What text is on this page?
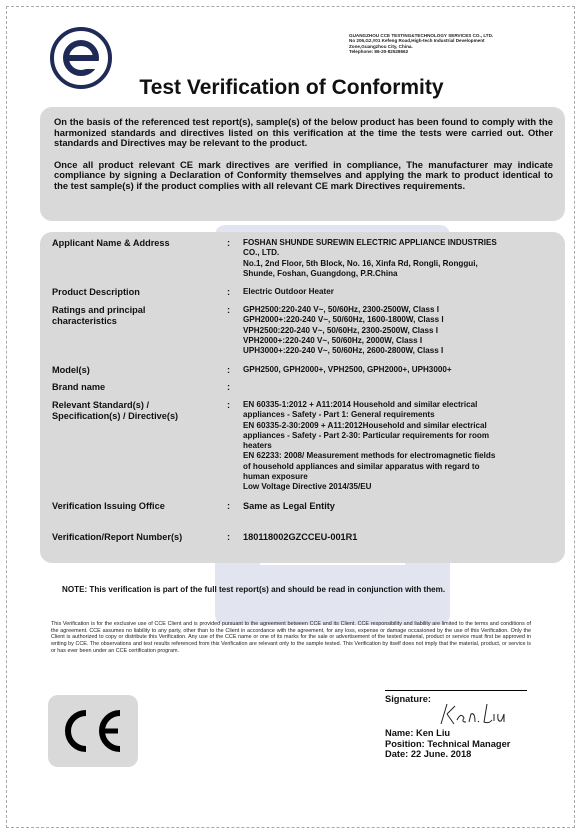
GUANGZHOU CCE TESTING&TECHNOLOGY SERVICES CO., LTD.
No 206,G2,#01 Kefeng Road,High-tech Industrial Development
Zone,Guangzhou City, China.
Telephone: 86-20-82528662
Test Verification of Conformity

On the basis of the referenced test report(s), sample(s) of the below product has been found to comply with the harmonized standards and directives listed on this verification at the time the tests were carried out. Other standards and Directives may be relevant to the product.

Once all product relevant CE mark directives are verified in compliance, The manufacturer may indicate compliance by signing a Declaration of Conformity themselves and applying the mark to product identical to the test sample(s) if the product complies with all relevant CE mark Directives requirements.

Applicant Name & Address	: FOSHAN SHUNDE SUREWIN ELECTRIC APPLIANCE INDUSTRIES
CO., LTD.
No.1, 2nd Floor, 5th Block, No. 16, Xinfa Rd, Rongli, Ronggui,
Shunde, Foshan, Guangdong, P.R.China
Product Description	: Electric Outdoor Heater
Ratings and principal
characteristics
: GPH2500:220-240 V~, 50/60Hz, 2300-2500W, Class I
GPH2000+:220-240 V~, 50/60Hz, 1600-1800W, Class I
VPH2500:220-240 V~, 50/60Hz, 2300-2500W, Class I
VPH2000+:220-240 V~, 50/60Hz, 2000W, Class I
UPH3000+:220-240 V~, 50/60Hz, 2600-2800W, Class I
Model(s)	: GPH2500, GPH2000+, VPH2500, GPH2000+, UPH3000+
Brand name	:
Relevant Standard(s) /
Specification(s) / Directive(s)
: EN 60335-1:2012 + A11:2014 Household and similar electrical
appliances - Safety - Part 1: General requirements
EN 60335-2-30:2009 + A11:2012Household and similar electrical
appliances - Safety - Part 2-30: Particular requirements for room
heaters
EN 62233: 2008/ Measurement methods for electromagnetic fields
of household appliances and similar apparatus with regard to
human exposure
Low Voltage Directive 2014/35/EU
Verification Issuing Office	: Same as Legal Entity
Verification/Report Number(s)	: 180118002GZCCEU-001R1
NOTE: This verification is part of the full test report(s) and should be read in conjunction with them.
This Verification is for the exclusive use of CCE Client and is provided pursuant to the agreement between CCE and its Client. CCE responsibility and liability are limited to the terms and conditions of the agreement. CCE assumes no liability to any party, other than to the Client in accordance with the agreement, for any loss, expense or damage occasioned by the use of this Verification. Only the Client is authorized to copy or distribute this Verification. Any use of the CCE name or one of its marks for the sale or advertisement of the tested material, product or service must first be approved in writing by CCE. The observations and test results referenced from this Verification are relevant only to the sample tested. This Verification by itself does not imply that the material, product, or service is or has ever been under an CCE certification program.
Signature:
Name: Ken Liu
Position: Technical Manager
Date: 22 June. 2018
